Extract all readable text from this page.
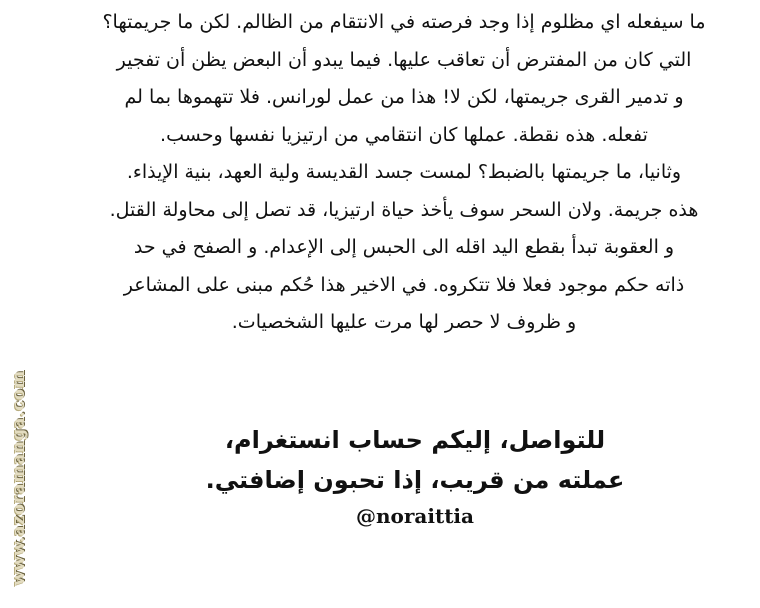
ما سيفعله اي مظلوم إذا وجد فرصته في الانتقام من الظالم. لكن ما جريمتها؟
التي كان من المفترض أن تعاقب عليها. فيما يبدو أن البعض يظن أن تفجير
و تدمير القرى جريمتها، لكن لا! هذا من عمل لورانس. فلا تتهموها بما لم
تفعله. هذه نقطة. عملها كان انتقامي من ارتيزيا نفسها وحسب.
وثانيا، ما جريمتها بالضبط؟ لمست جسد القديسة ولية العهد، بنية الإيذاء.
هذه جريمة. ولان السحر سوف يأخذ حياة ارتيزيا، قد تصل إلى محاولة القتل.
و العقوبة تبدأ بقطع اليد اقله الى الحبس إلى الإعدام. و الصفح في حد
ذاته حكم موجود فعلا فلا تتكروه. في الاخير هذا حُكم مبنى على المشاعر
و ظروف لا حصر لها مرت عليها الشخصيات.
للتواصل، إليكم حساب انستغرام،
عملته من قريب، إذا تحبون إضافتي.
@noraittia
www.azoramanga.com
